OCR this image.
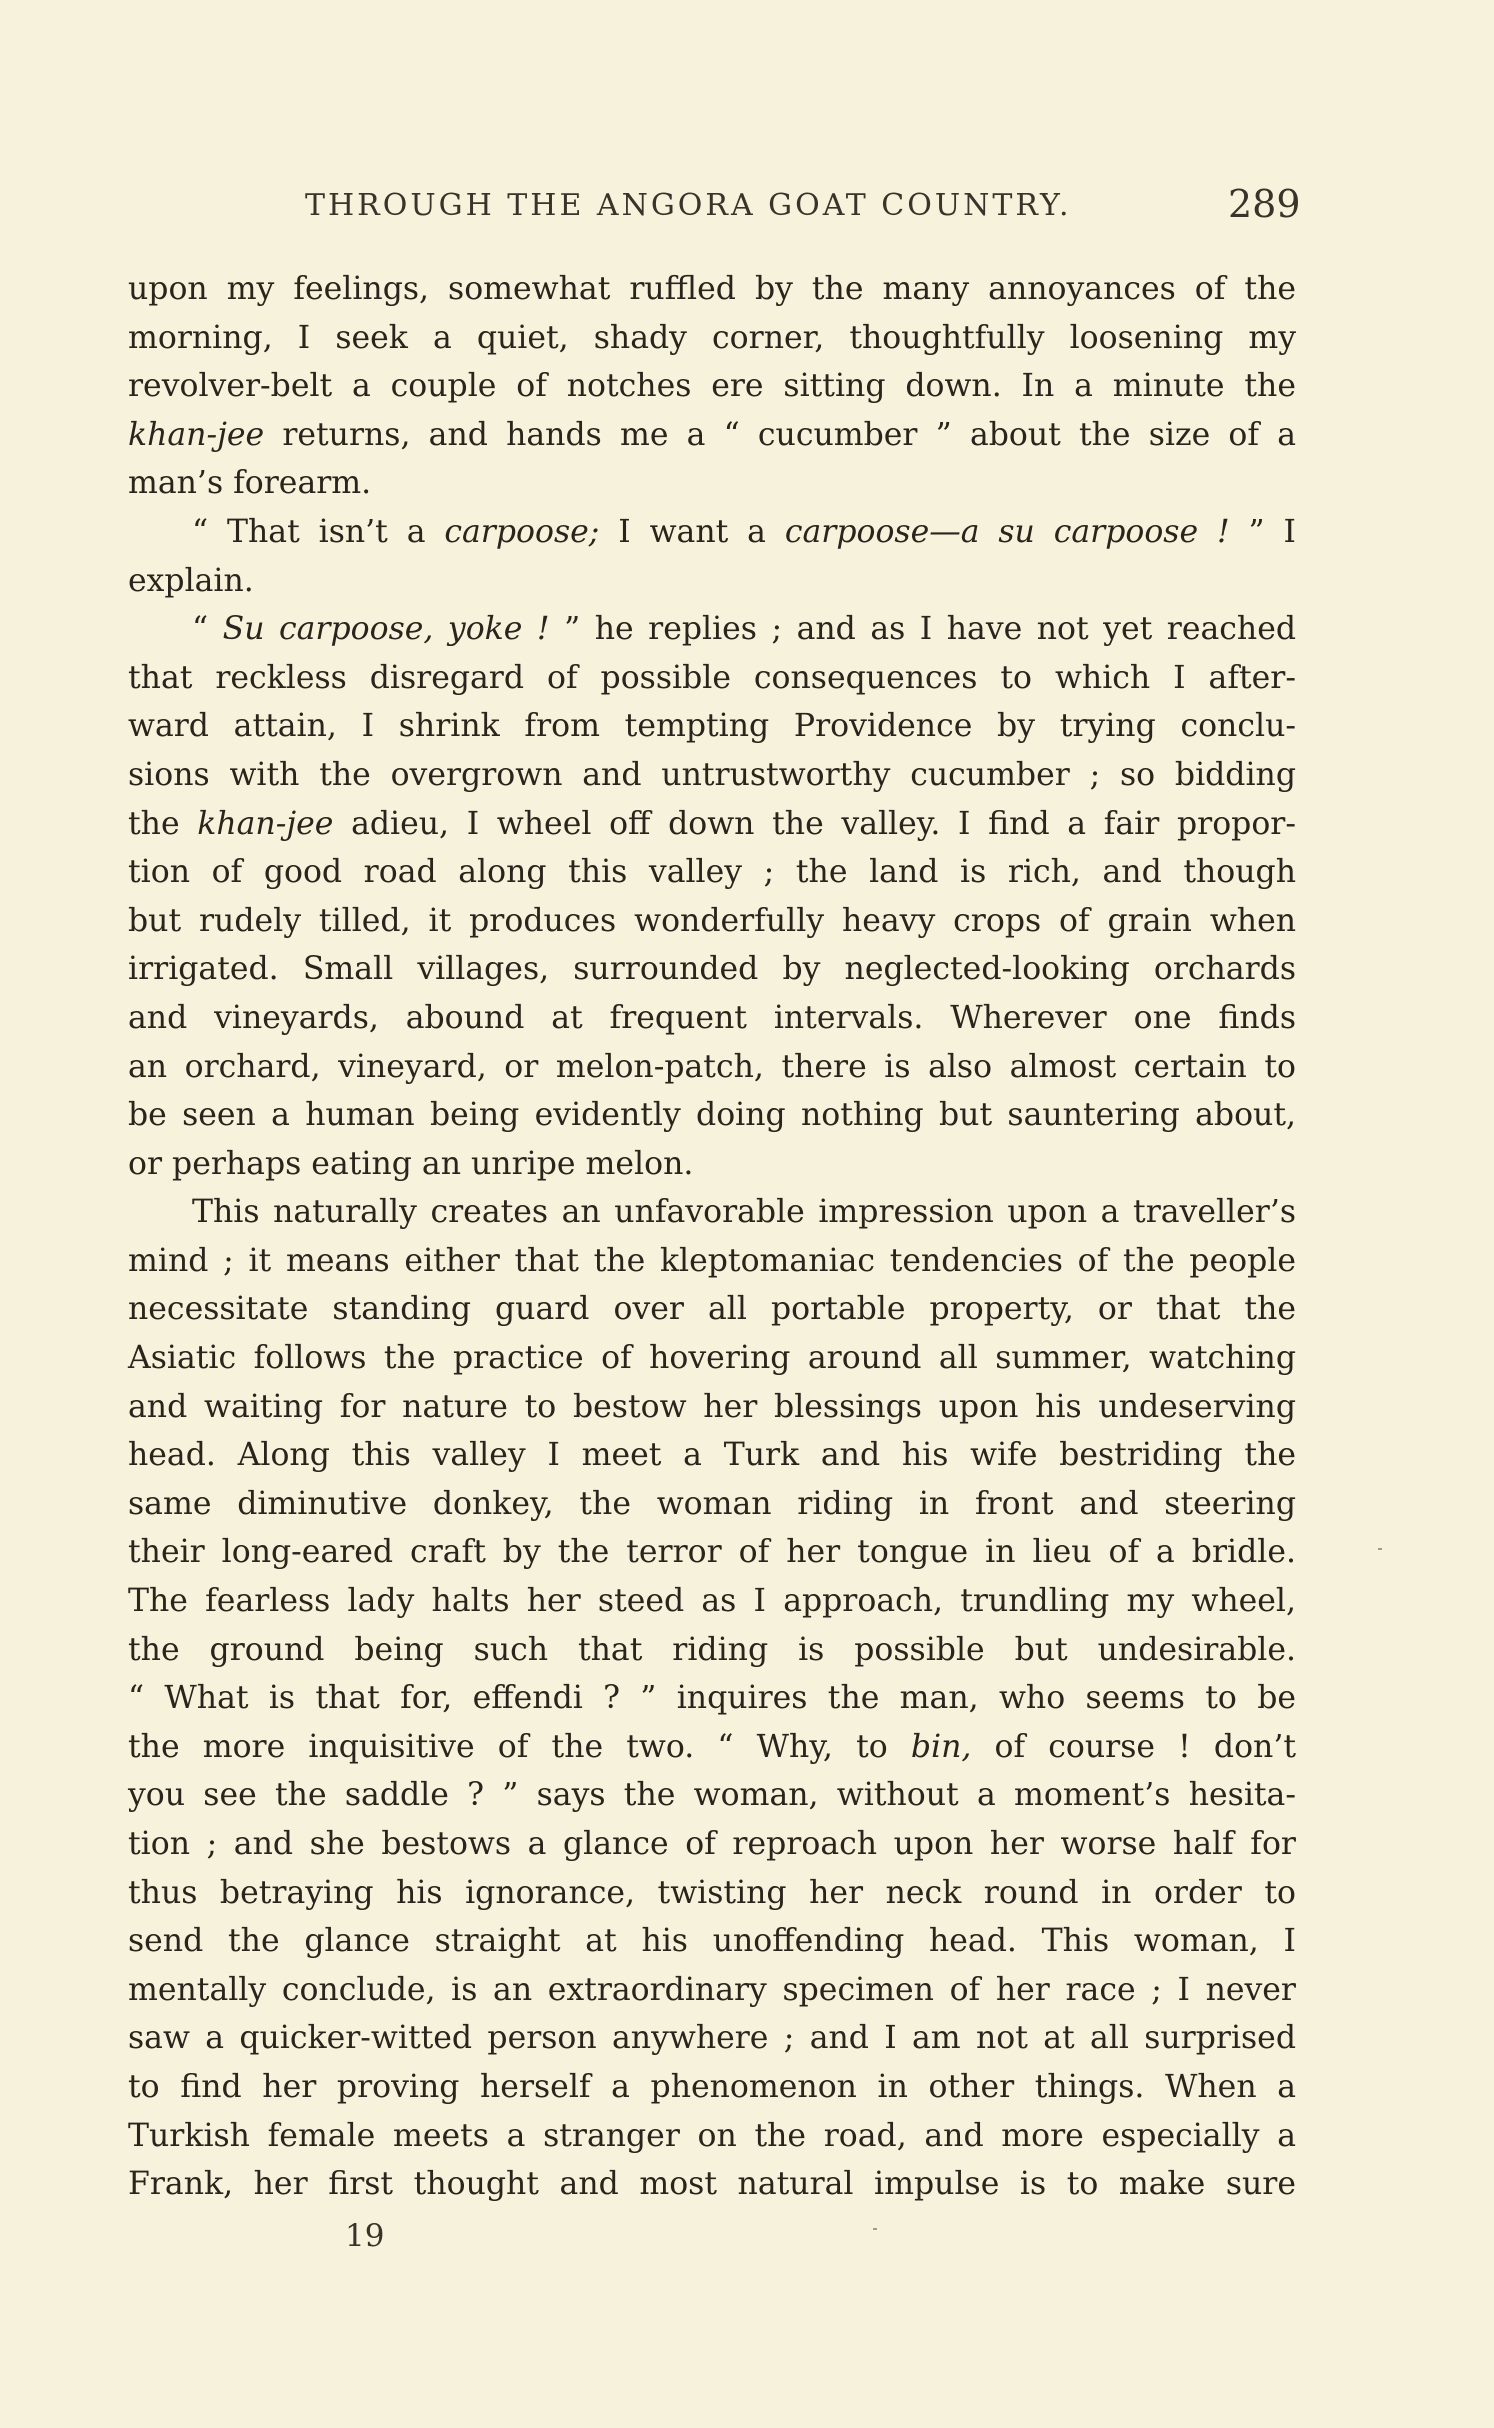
THROUGH THE ANGORA GOAT COUNTRY.	289
upon my feelings, somewhat ruffled by the many annoyances of the
morning, I seek a quiet, shady corner, thoughtfully loosening my
revolver-belt a couple of notches ere sitting down. In a minute the
khan-jee returns, and hands me a “ cucumber ” about the size of a
man’s forearm.
“ That isn’t a carpoose; I want a carpoose—a su carpoose ! ” I
explain.
“ Su carpoose, yoke ! ” he replies ; and as I have not yet reached
that reckless disregard of possible consequences to which I after-
ward attain, I shrink from tempting Providence by trying conclu-
sions with the overgrown and untrustworthy cucumber ; so bidding
the khan-jee adieu, I wheel off down the valley. I find a fair propor-
tion of good road along this valley ; the land is rich, and though
but rudely tilled, it produces wonderfully heavy crops of grain when
irrigated. Small villages, surrounded by neglected-looking orchards
and vineyards, abound at frequent intervals. Wherever one finds
an orchard, vineyard, or melon-patch, there is also almost certain to
be seen a human being evidently doing nothing but sauntering about,
or perhaps eating an unripe melon.
This naturally creates an unfavorable impression upon a traveller’s
mind ; it means either that the kleptomaniac tendencies of the people
necessitate standing guard over all portable property, or that the
Asiatic follows the practice of hovering around all summer, watching
and waiting for nature to bestow her blessings upon his undeserving
head. Along this valley I meet a Turk and his wife bestriding the
same diminutive donkey, the woman riding in front and steering
their long-eared craft by the terror of her tongue in lieu of a bridle.
The fearless lady halts her steed as I approach, trundling my wheel,
the ground being such that riding is possible but undesirable.
“ What is that for, effendi ? ” inquires the man, who seems to be
the more inquisitive of the two. “ Why, to bin, of course ! don’t
you see the saddle ? ” says the woman, without a moment’s hesita-
tion ; and she bestows a glance of reproach upon her worse half for
thus betraying his ignorance, twisting her neck round in order to
send the glance straight at his unoffending head. This woman, I
mentally conclude, is an extraordinary specimen of her race ; I never
saw a quicker-witted person anywhere ; and I am not at all surprised
to find her proving herself a phenomenon in other things. When a
Turkish female meets a stranger on the road, and more especially a
Frank, her first thought and most natural impulse is to make sure
19
